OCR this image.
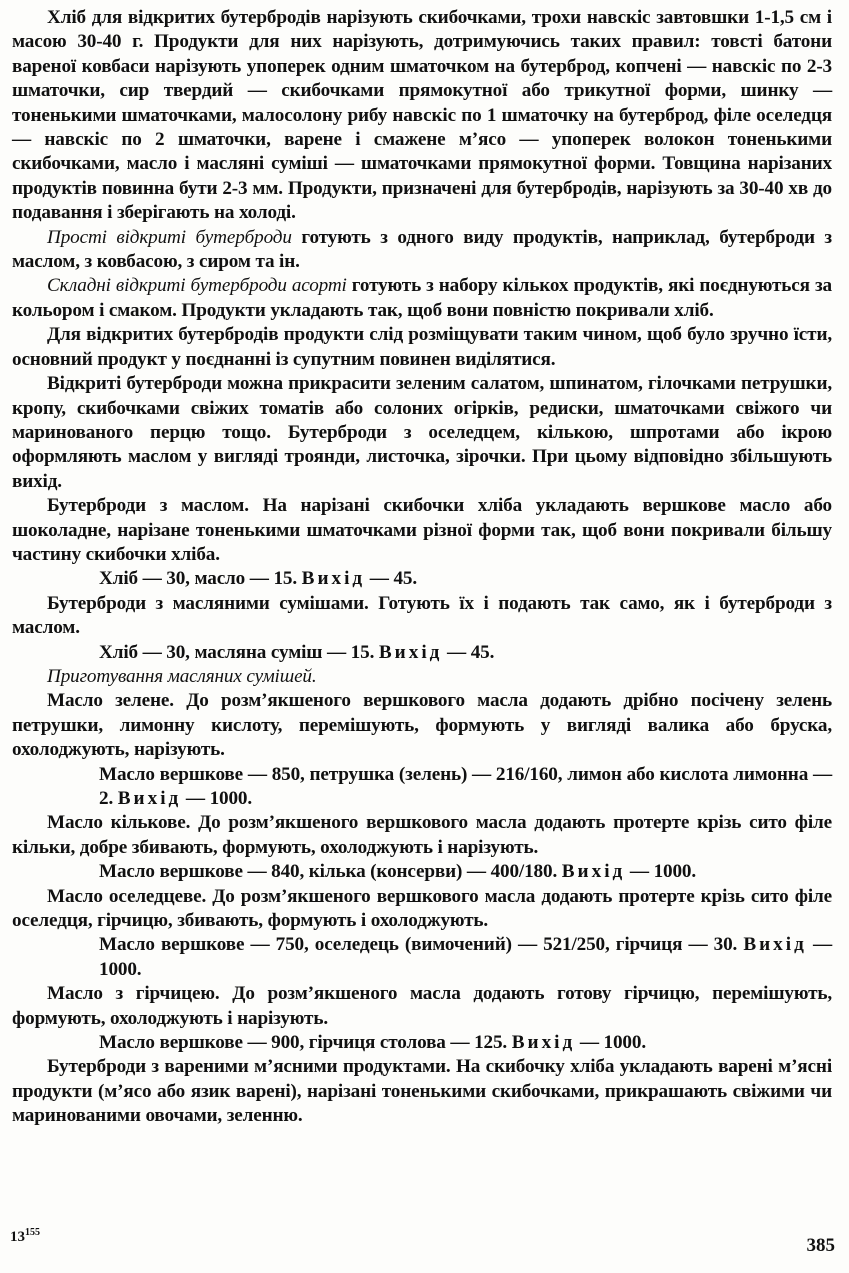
Хліб для відкритих бутербродів нарізують скибочками, трохи навскіс завтовшки 1-1,5 см і масою 30-40 г. Продукти для них нарізують, дотримуючись таких правил: товсті батони вареної ковбаси нарізують упоперек одним шматочком на бутерброд, копчені — навскіс по 2-3 шматочки, сир твердий — скибочками прямокутної або трикутної форми, шинку — тоненькими шматочками, малосолону рибу навскіс по 1 шматочку на бутерброд, філе оселедця — навскіс по 2 шматочки, варене і смажене м’ясо — упоперек волокон тоненькими скибочками, масло і масляні суміші — шматочками прямокутної форми. Товщина нарізаних продуктів повинна бути 2-3 мм. Продукти, призначені для бутербродів, нарізують за 30-40 хв до подавання і зберігають на холоді.

Прості відкриті бутерброди готують з одного виду продуктів, наприклад, бутерброди з маслом, з ковбасою, з сиром та ін.

Складні відкриті бутерброди асорті готують з набору кількох продуктів, які поєднуються за кольором і смаком. Продукти укладають так, щоб вони повністю покривали хліб.

Для відкритих бутербродів продукти слід розміщувати таким чином, щоб було зручно їсти, основний продукт у поєднанні із супутним повинен виділятися.

Відкриті бутерброди можна прикрасити зеленим салатом, шпинатом, гілочками петрушки, кропу, скибочками свіжих томатів або солоних огірків, редиски, шматочками свіжого чи маринованого перцю тощо. Бутерброди з оселедцем, кількою, шпротами або ікрою оформляють маслом у вигляді троянди, листочка, зірочки. При цьому відповідно збільшують вихід.

Бутерброди з маслом. На нарізані скибочки хліба укладають вершкове масло або шоколадне, нарізане тоненькими шматочками різної форми так, щоб вони покривали більшу частину скибочки хліба.

Хліб — 30, масло — 15. Вихід — 45.

Бутерброди з масляними сумішами. Готують їх і подають так само, як і бутерброди з маслом.

Хліб — 30, масляна суміш — 15. Вихід — 45.

Приготування масляних сумішей.

Масло зелене. До розм’якшеного вершкового масла додають дрібно посічену зелень петрушки, лимонну кислоту, перемішують, формують у вигляді валика або бруска, охолоджують, нарізують.

Масло вершкове — 850, петрушка (зелень) — 216/160, лимон або кислота лимонна — 2. Вихід — 1000.

Масло кількове. До розм’якшеного вершкового масла додають протерте крізь сито філе кільки, добре збивають, формують, охолоджують і нарізують.

Масло вершкове — 840, кілька (консерви) — 400/180. Вихід — 1000.

Масло оселедцеве. До розм’якшеного вершкового масла додають протерте крізь сито філе оселедця, гірчицю, збивають, формують і охолоджують.

Масло вершкове — 750, оселедець (вимочений) — 521/250, гірчиця — 30. Вихід — 1000.

Масло з гірчицею. До розм’якшеного масла додають готову гірчицю, перемішують, формують, охолоджують і нарізують.

Масло вершкове — 900, гірчиця столова — 125. Вихід — 1000.

Бутерброди з вареними м’ясними продуктами. На скибочку хліба укладають варені м’ясні продукти (м’ясо або язик варені), нарізані тоненькими скибочками, прикрашають свіжими чи маринованими овочами, зеленню.

$13^{155}$
385
